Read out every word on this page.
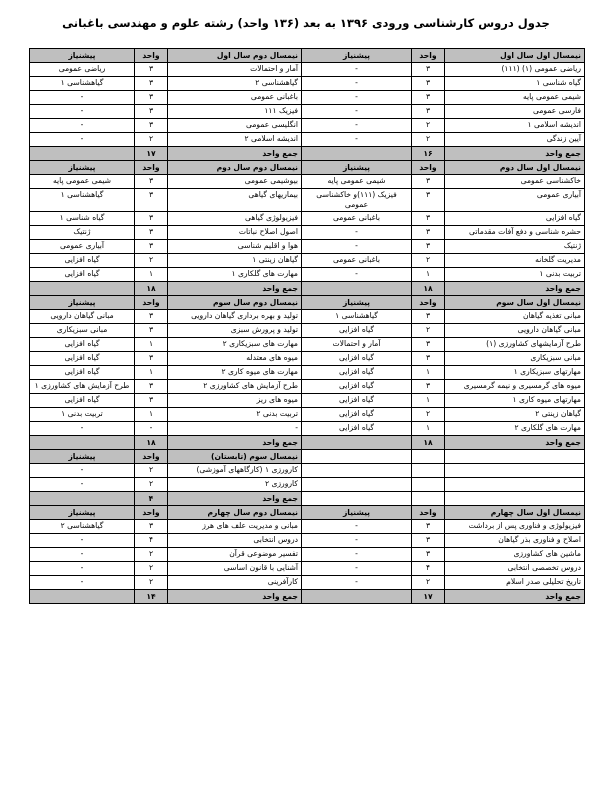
جدول دروس کارشناسی ورودی ۱۳۹۶ به بعد (۱۳۶ واحد) رشته علوم و مهندسی باغبانی
نیمسال اول سال اول	واحد	پیشنیاز	نیمسال دوم سال اول	واحد	پیشنیاز
ریاضی عمومی (۱) (۱۱۱)	۳	-	آمار و احتمالات	۳	ریاضی عمومی
گیاه شناسی ۱	۳	-	گیاهشناسی ۲	۳	گیاهشناسی ۱
شیمی عمومی پایه	۳	-	باغبانی عمومی	۳	-
فارسی عمومی	۳	-	فیزیک ۱۱۱	۳	-
اندیشه اسلامی ۱	۲	-	انگلیسی عمومی	۳	-
آیین زندگی	۲	-	اندیشه اسلامی ۲	۲	-
جمع واحد	۱۶		جمع واحد	۱۷	
نیمسال اول سال دوم	واحد	پیشنیاز	نیمسال دوم سال دوم	واحد	پیشنیاز
خاکشناسی عمومی	۳	شیمی عمومی پایه	بیوشیمی عمومی	۳	شیمی عمومی پایه
آبیاری عمومی	۳	فیزیک (۱۱۱)و خاکشناسی عمومی	بیماریهای گیاهی	۳	گیاهشناسی ۱
گیاه افزایی	۳	باغبانی عمومی	فیزیولوژی گیاهی	۳	گیاه شناسی ۱
حشره شناسی و دفع آفات مقدماتی	۳	-	اصول اصلاح نباتات	۳	ژنتیک
ژنتیک	۳	-	هوا و اقلیم شناسی	۳	آبیاری عمومی
مدیریت گلخانه	۲	باغبانی عمومی	گیاهان زینتی ۱	۲	گیاه افزایی
تربیت بدنی ۱	۱	-	مهارت های گلکاری ۱	۱	گیاه افزایی
جمع واحد	۱۸		جمع واحد	۱۸	
نیمسال اول سال سوم	واحد	پیشنیاز	نیمسال دوم سال سوم	واحد	پیشنیاز
مبانی تغذیه گیاهان	۳	گیاهشناسی ۱	تولید و بهره برداری گیاهان دارویی	۳	مبانی گیاهان دارویی
مبانی گیاهان دارویی	۲	گیاه افزایی	تولید و پرورش سبزی	۳	مبانی سبزیکاری
طرح آزمایشهای کشاورزی (۱)	۳	آمار و احتمالات	مهارت های سبزیکاری ۲	۱	گیاه افزایی
مبانی سبزیکاری	۳	گیاه افزایی	میوه های معتدله	۳	گیاه افزایی
مهارتهای سبزیکاری ۱	۱	گیاه افزایی	مهارت های میوه کاری ۲	۱	گیاه افزایی
میوه های گرمسیری و نیمه گرمسیری	۳	گیاه افزایی	طرح آزمایش های کشاورزی ۲	۳	طرح آزمایش های کشاورزی ۱
مهارتهای میوه کاری ۱	۱	گیاه افزایی	میوه های ریز	۳	گیاه افزایی
گیاهان زینتی ۲	۲	گیاه افزایی	تربیت بدنی ۲	۱	تربیت بدنی ۱
مهارت های گلکاری ۲	۱	گیاه افزایی	-	-	-
جمع واحد	۱۸		جمع واحد	۱۸	
			نیمسال سوم (تابستان)	واحد	پیشنیاز
			کارورزی ۱ (کارگاههای آموزشی)	۲	-
			کارورزی ۲	۲	-
			جمع واحد	۴	
نیمسال اول سال چهارم	واحد	پیشنیاز	نیمسال دوم سال چهارم	واحد	پیشنیاز
فیزیولوژی و فناوری پس از برداشت	۳	-	مبانی و مدیریت علف های هرز	۳	گیاهشناسی ۲
اصلاح و فناوری بذر گیاهان	۳	-	دروس انتخابی	۴	-
ماشین های کشاورزی	۳	-	تفسیر موضوعی قرآن	۲	-
دروس تخصصی انتخابی	۴	-	آشنایی با قانون اساسی	۲	-
تاریخ تحلیلی صدر اسلام	۲	-	کارآفرینی	۲	-
جمع واحد	۱۷		جمع واحد	۱۴	
